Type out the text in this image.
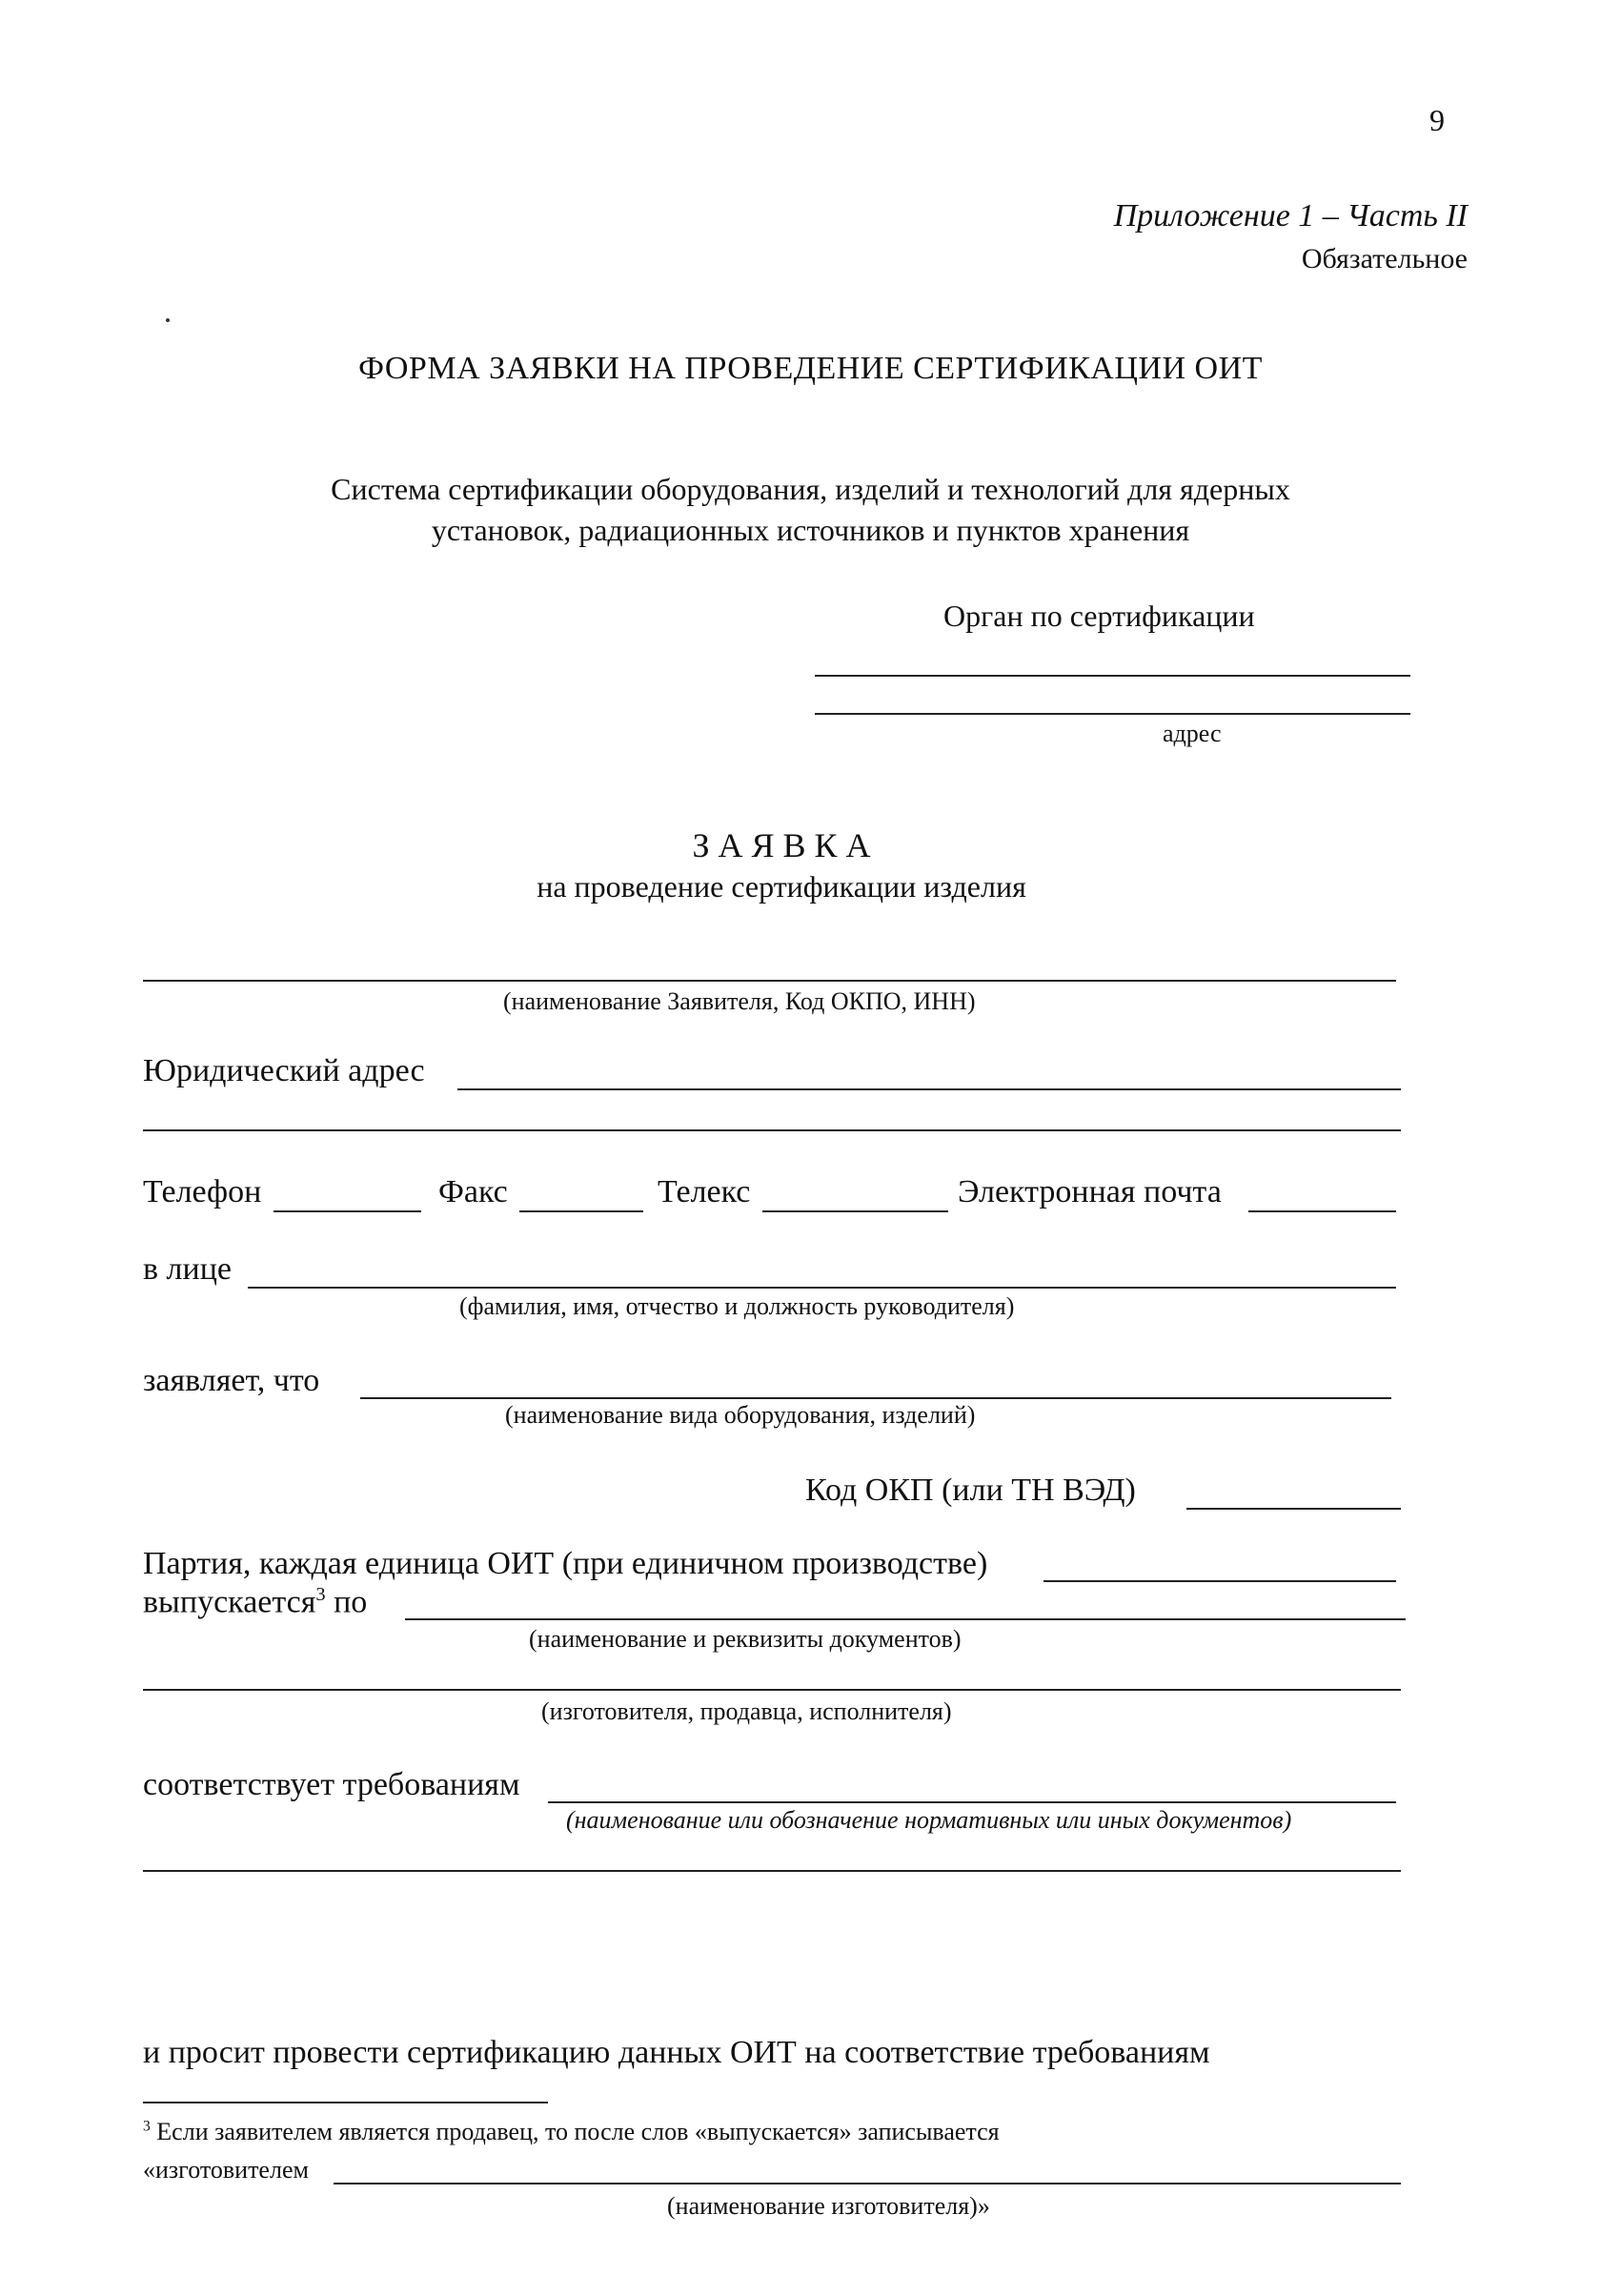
9
Приложение 1 – Часть II
Обязательное
ФОРМА ЗАЯВКИ НА ПРОВЕДЕНИЕ СЕРТИФИКАЦИИ ОИТ
Система сертификации оборудования, изделий и технологий для ядерных
установок, радиационных источников и пунктов хранения
Орган по сертификации
адрес
З А Я В К А
на проведение сертификации изделия
(наименование Заявителя, Код ОКПО, ИНН)
Юридический адрес
Телефон	Факс	Телекс	Электронная почта
в лице
(фамилия, имя, отчество и должность руководителя)
заявляет, что
(наименование вида оборудования, изделий)
Код ОКП (или ТН ВЭД)
Партия, каждая единица ОИТ (при единичном производстве)
выпускается$^3$ по
(наименование и реквизиты документов)
(изготовителя, продавца, исполнителя)
соответствует требованиям
(наименование или обозначение нормативных или иных документов)
и просит провести сертификацию данных ОИТ на соответствие требованиям
$^3$ Если заявителем является продавец, то после слов «выпускается» записывается
«изготовителем
(наименование изготовителя)»
